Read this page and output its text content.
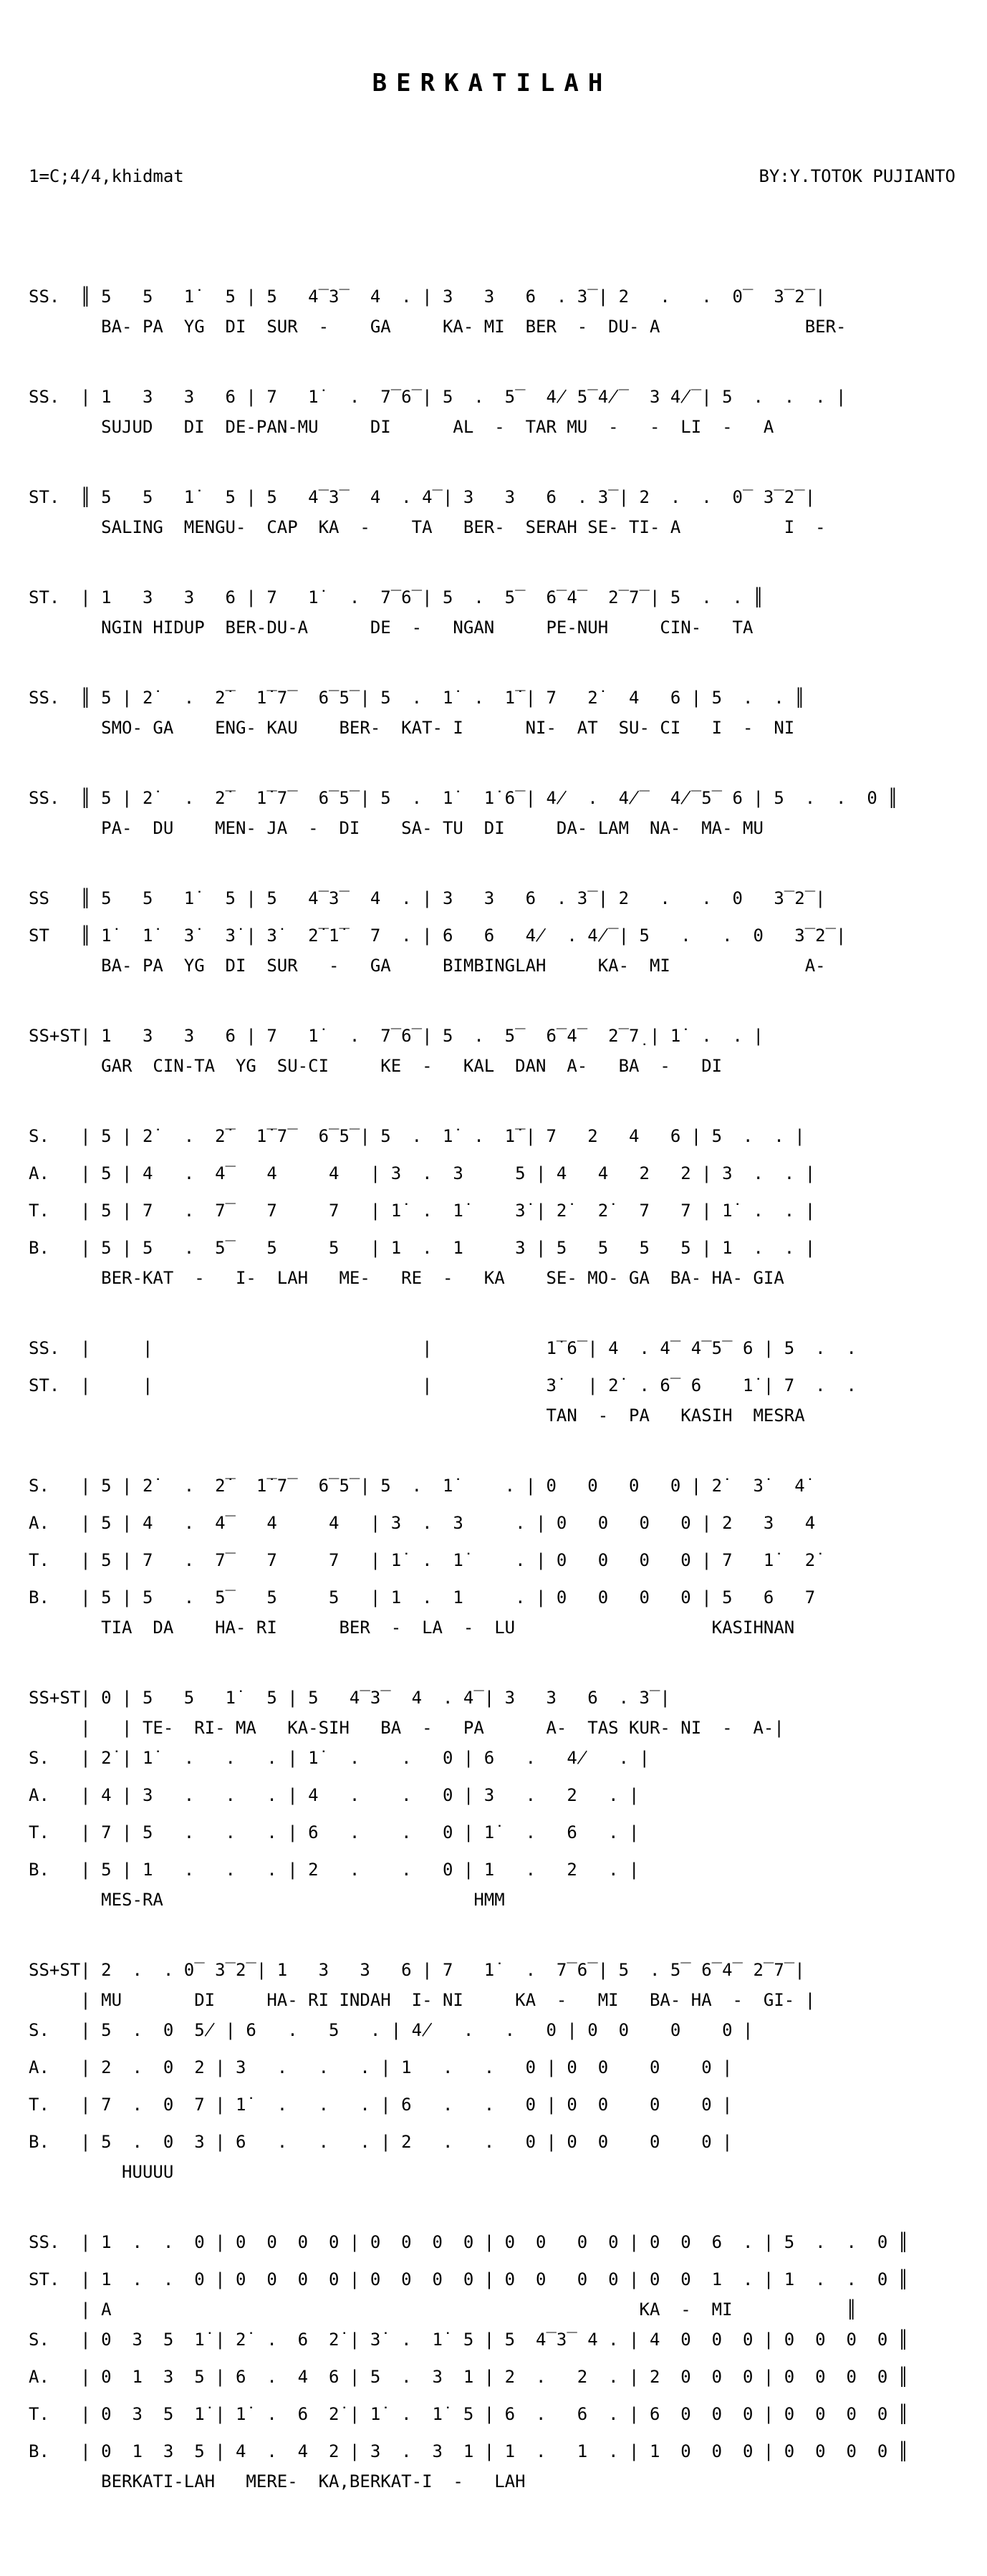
BERKATILAH
1=C;4/4,khidmat	BY:Y.TOTOK PUJIANTO
SS.  ║ 5   5   1̇   5 | 5   4̅ 3̅   4  . | 3   3   6  . 3̅ | 2   .   .  0̅   3̅ 2̅ |
BA- PA  YG  DI  SUR  -    GA     KA- MI  BER  -  DU- A              BER-
SS.  | 1   3   3   6 | 7   1̇   .  7̅ 6̅ | 5  .  5̅   4̸ 5̅ 4̸̅   3 4̸̅ | 5  .  .  . |
SUJUD   DI  DE-PAN-MU     DI      AL  -  TAR MU  -   -  LI  -   A
ST.  ║ 5   5   1̇   5 | 5   4̅ 3̅   4  . 4̅ | 3   3   6  . 3̅ | 2  .  .  0̅  3̅ 2̅ |
SALING  MENGU-  CAP  KA  -    TA   BER-  SERAH SE- TI- A          I  -
ST.  | 1   3   3   6 | 7   1̇   .  7̅ 6̅ | 5  .  5̅   6̅ 4̅   2̅ 7̅ | 5  .  . ║
NGIN HIDUP  BER-DU-A      DE  -   NGAN     PE-NUH     CIN-   TA
SS.  ║ 5 | 2̇   .  2̇̅   1̇̅ 7̅   6̅ 5̅ | 5  .  1̇  .  1̇̅ | 7   2̇   4   6 | 5  .  . ║
SMO- GA    ENG- KAU    BER-  KAT- I      NI-  AT  SU- CI   I  -  NI
SS.  ║ 5 | 2̇   .  2̇̅   1̇̅ 7̅   6̅ 5̅ | 5  .  1̇   1̇ 6̅ | 4̸  .  4̸̅   4̸̅ 5̅  6 | 5  .  .  0 ║
PA-  DU    MEN- JA  -  DI    SA- TU  DI     DA- LAM  NA-  MA- MU
SS   ║ 5   5   1̇   5 | 5   4̅ 3̅   4  . | 3   3   6  . 3̅ | 2   .   .  0   3̅ 2̅ |
ST   ║ 1̇   1̇   3̇   3̇ | 3̇   2̇̅ 1̇̅   7  . | 6   6   4̸  . 4̸̅ | 5   .   .  0   3̅ 2̅ |
BA- PA  YG  DI  SUR   -   GA     BIMBINGLAH     KA-  MI             A-
SS+ST| 1   3   3   6 | 7   1̇   .  7̅ 6̅ | 5  .  5̅   6̅ 4̅   2̅ 7̣ | 1̇  .  . |
GAR  CIN-TA  YG  SU-CI     KE  -   KAL  DAN  A-   BA  -   DI
S.   | 5 | 2̇   .  2̇̅   1̇̅ 7̅   6̅ 5̅ | 5  .  1̇  .  1̇̅ | 7   2   4   6 | 5  .  . |
A.   | 5 | 4   .  4̅    4     4   | 3  .  3     5 | 4   4   2   2 | 3  .  . |
T.   | 5 | 7   .  7̅    7     7   | 1̇  .  1̇     3̇ | 2̇   2̇   7   7 | 1̇  .  . |
B.   | 5 | 5   .  5̅    5     5   | 1  .  1     3 | 5   5   5   5 | 1  .  . |
BER-KAT  -   I-  LAH   ME-   RE  -   KA    SE- MO- GA  BA- HA- GIA
SS.  |     |                          |           1̇̅ 6̅ | 4  . 4̅  4̅ 5̅  6 | 5  .  .
ST.  |     |                          |           3̇   | 2̇  . 6̅  6    1̇ | 7  .  .
TAN  -  PA   KASIH  MESRA
S.   | 5 | 2̇   .  2̇̅   1̇̅ 7̅   6̅ 5̅ | 5  .  1̇     . | 0   0   0   0 | 2̇   3̇   4̇
A.   | 5 | 4   .  4̅    4     4   | 3  .  3     . | 0   0   0   0 | 2   3   4
T.   | 5 | 7   .  7̅    7     7   | 1̇  .  1̇     . | 0   0   0   0 | 7   1̇   2̇
B.   | 5 | 5   .  5̅    5     5   | 1  .  1     . | 0   0   0   0 | 5   6   7
TIA  DA    HA- RI      BER  -  LA  -  LU                   KASIHNAN
SS+ST| 0 | 5   5   1̇   5 | 5   4̅ 3̅   4  . 4̅ | 3   3   6  . 3̅ |
|   | TE-  RI- MA   KA-SIH   BA  -   PA      A-  TAS KUR- NI  -  A-|
S.   | 2̇ | 1̇   .   .   . | 1̇   .    .   0 | 6   .   4̸   . |
A.   | 4 | 3   .   .   . | 4   .    .   0 | 3   .   2   . |
T.   | 7 | 5   .   .   . | 6   .    .   0 | 1̇   .   6   . |
B.   | 5 | 1   .   .   . | 2   .    .   0 | 1   .   2   . |
MES-RA                              HMM
SS+ST| 2  .  . 0̅  3̅ 2̅ | 1   3   3   6 | 7   1̇   .  7̅ 6̅ | 5  . 5̅  6̅ 4̅  2̅ 7̅ |
| MU       DI     HA- RI INDAH  I- NI     KA  -   MI   BA- HA  -  GI- |
S.   | 5  .  0  5̸ | 6   .   5   . | 4̸   .   .   0 | 0  0    0    0 |
A.   | 2  .  0  2 | 3   .   .   . | 1   .   .   0 | 0  0    0    0 |
T.   | 7  .  0  7 | 1̇   .   .   . | 6   .   .   0 | 0  0    0    0 |
B.   | 5  .  0  3 | 6   .   .   . | 2   .   .   0 | 0  0    0    0 |
HUUUU
SS.  | 1  .  .  0 | 0  0  0  0 | 0  0  0  0 | 0  0   0  0 | 0  0  6  . | 5  .  .  0 ║
ST.  | 1  .  .  0 | 0  0  0  0 | 0  0  0  0 | 0  0   0  0 | 0  0  1  . | 1  .  .  0 ║
| A                                                   KA  -  MI           ║
S.   | 0  3  5  1̇ | 2̇  .  6  2̇ | 3̇  .  1̇  5 | 5  4̅ 3̅  4 . | 4  0  0  0 | 0  0  0  0 ║
A.   | 0  1  3  5 | 6  .  4  6 | 5  .  3  1 | 2  .   2  . | 2  0  0  0 | 0  0  0  0 ║
T.   | 0  3  5  1̇ | 1̇  .  6  2̇ | 1̇  .  1̇  5 | 6  .   6  . | 6  0  0  0 | 0  0  0  0 ║
B.   | 0  1  3  5 | 4  .  4  2 | 3  .  3  1 | 1  .   1  . | 1  0  0  0 | 0  0  0  0 ║
BERKATI-LAH   MERE-  KA,BERKAT-I  -   LAH
